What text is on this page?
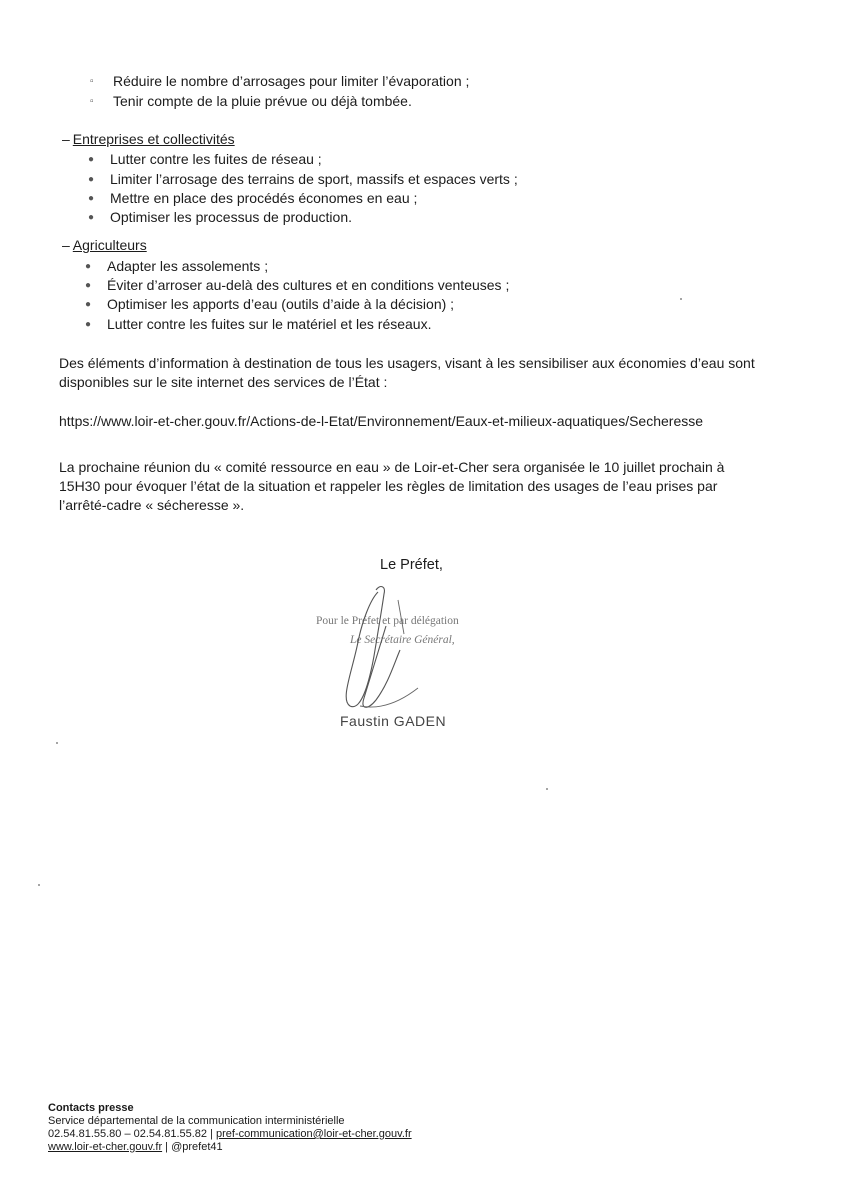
▫ Réduire le nombre d’arrosages pour limiter l’évaporation ;
▫ Tenir compte de la pluie prévue ou déjà tombée.
– Entreprises et collectivités
● Lutter contre les fuites de réseau ;
● Limiter l’arrosage des terrains de sport, massifs et espaces verts ;
● Mettre en place des procédés économes en eau ;
● Optimiser les processus de production.
– Agriculteurs
● Adapter les assolements ;
● Éviter d’arroser au-delà des cultures et en conditions venteuses ;
● Optimiser les apports d’eau (outils d’aide à la décision) ;
● Lutter contre les fuites sur le matériel et les réseaux.

Des éléments d’information à destination de tous les usagers, visant à les sensibiliser aux économies d’eau sont disponibles sur le site internet des services de l’État :

https://www.loir-et-cher.gouv.fr/Actions-de-l-Etat/Environnement/Eaux-et-milieux-aquatiques/Secheresse

La prochaine réunion du « comité ressource en eau » de Loir-et-Cher sera organisée le 10 juillet prochain à 15H30 pour évoquer l’état de la situation et rappeler les règles de limitation des usages de l’eau prises par l’arrêté-cadre « sécheresse ».

Le Préfet,
Pour le Préfet et par délégation
Le Secrétaire Général,
Faustin GADEN
Contacts presse
Service départemental de la communication interministérielle
02.54.81.55.80 – 02.54.81.55.82 | pref-communication@loir-et-cher.gouv.fr
www.loir-et-cher.gouv.fr | @prefet41
